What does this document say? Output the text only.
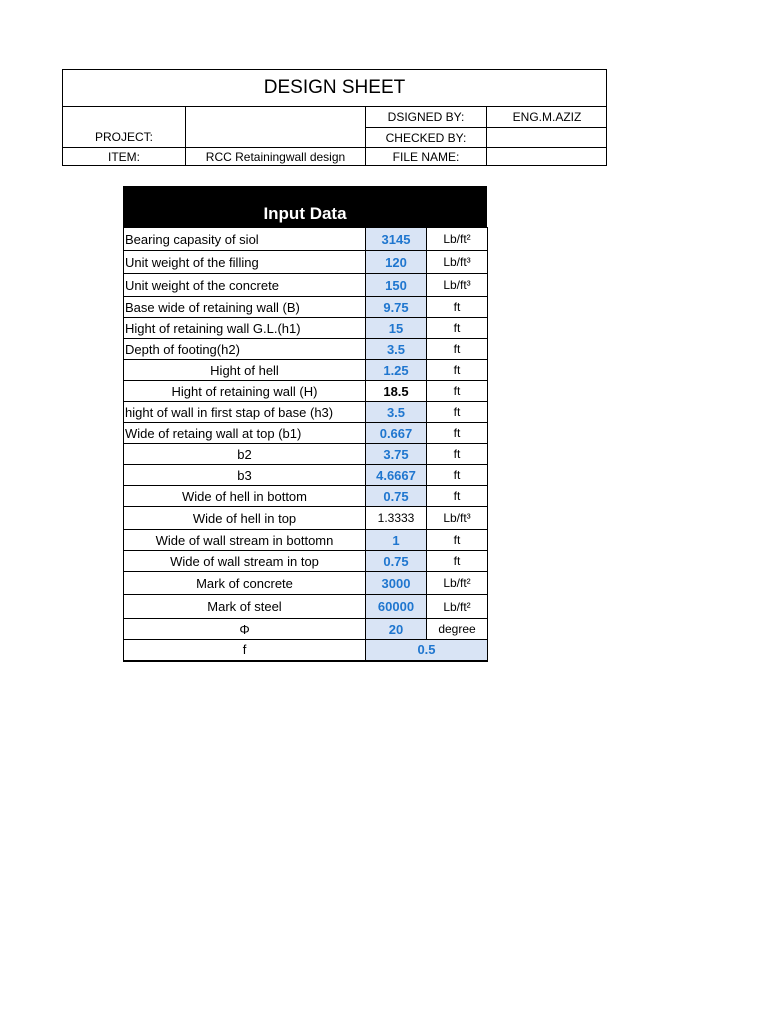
DESIGN SHEET
PROJECT:
ITEM:	RCC Retainingwall design
DSIGNED BY:	ENG.M.AZIZ
CHECKED BY:
FILE NAME:
Input Data
Bearing capasity of siol	3145	Lb/ft²
Unit weight of the filling	120	Lb/ft³
Unit weight of the concrete	150	Lb/ft³
Base wide of retaining wall (B)	9.75	ft
Hight of retaining wall G.L.(h1)	15	ft
Depth of footing(h2)	3.5	ft
Hight of hell	1.25	ft
Hight of retaining wall (H)	18.5	ft
hight of wall in first stap of base (h3)	3.5	ft
Wide of retaing wall at top (b1)	0.667	ft
b2	3.75	ft
b3	4.6667	ft
Wide of hell in bottom	0.75	ft
Wide of hell in top	1.3333	Lb/ft³
Wide of wall stream in bottomn	1	ft
Wide of wall stream in top	0.75	ft
Mark of concrete	3000	Lb/ft²
Mark of steel	60000	Lb/ft²
Φ	20	degree
f	0.5	
